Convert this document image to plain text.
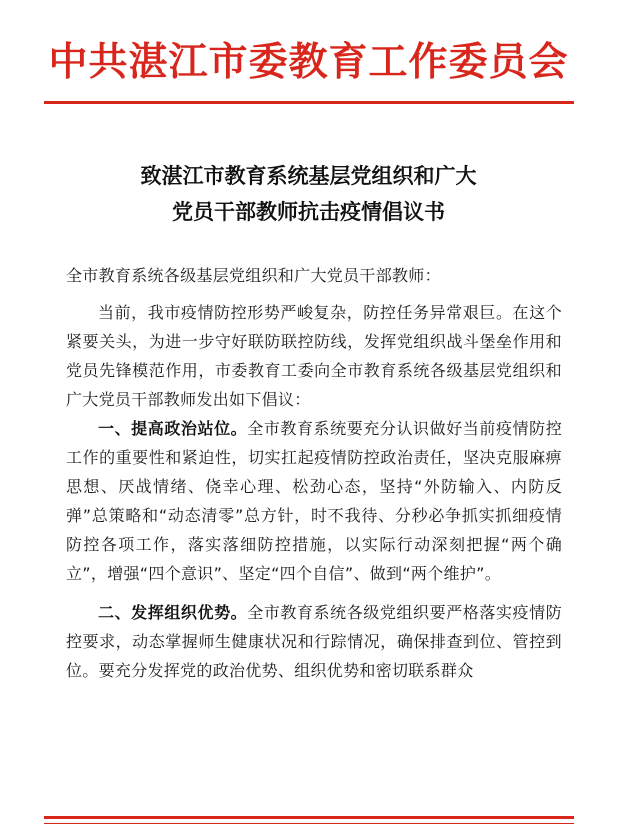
中共湛江市委教育工作委员会
致湛江市教育系统基层党组织和广大
党员干部教师抗击疫情倡议书

全市教育系统各级基层党组织和广大党员干部教师：

当前，我市疫情防控形势严峻复杂，防控任务异常艰巨。在这个紧要关头，为进一步守好联防联控防线，发挥党组织战斗堡垒作用和党员先锋模范作用，市委教育工委向全市教育系统各级基层党组织和广大党员干部教师发出如下倡议：

一、提高政治站位。全市教育系统要充分认识做好当前疫情防控工作的重要性和紧迫性，切实扛起疫情防控政治责任，坚决克服麻痹思想、厌战情绪、侥幸心理、松劲心态，坚持“外防输入、内防反弹”总策略和“动态清零”总方针，时不我待、分秒必争抓实抓细疫情防控各项工作，落实落细防控措施，以实际行动深刻把握“两个确立”，增强“四个意识”、坚定“四个自信”、做到“两个维护”。

二、发挥组织优势。全市教育系统各级党组织要严格落实疫情防控要求，动态掌握师生健康状况和行踪情况，确保排查到位、管控到位。要充分发挥党的政治优势、组织优势和密切联系群众
